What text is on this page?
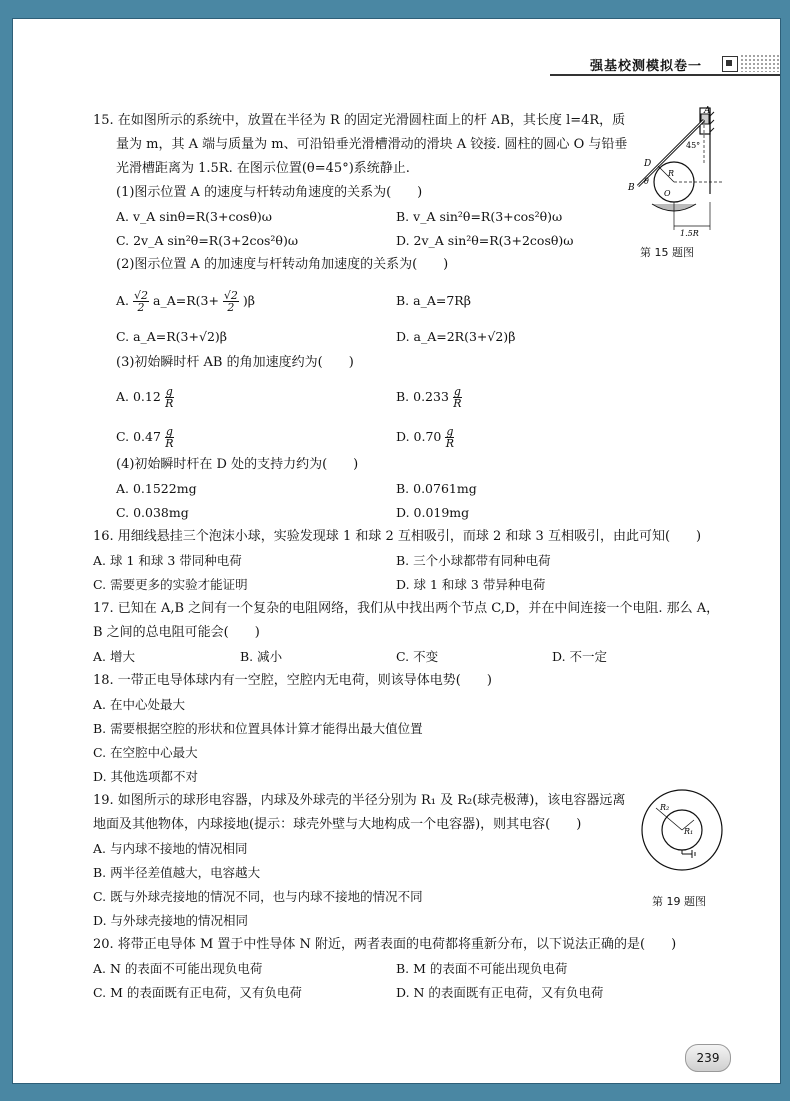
强基校测模拟卷一
15. 在如图所示的系统中，放置在半径为 R 的固定光滑圆柱面上的杆 AB，其长度 l=4R，质
量为 m，其 A 端与质量为 m、可沿铅垂光滑槽滑动的滑块 A 铰接. 圆柱的圆心 O 与铅垂
光滑槽距离为 1.5R. 在图示位置(θ=45°)系统静止.
(1)图示位置 A 的速度与杆转动角速度的关系为(　　)
A. v_A sinθ=R(3+cosθ)ω	B. v_A sin²θ=R(3+cos²θ)ω
C. 2v_A sin²θ=R(3+2cos²θ)ω	D. 2v_A sin²θ=R(3+2cosθ)ω
(2)图示位置 A 的加速度与杆转动角加速度的关系为(　　)
A. $\frac{√2}{2}$ a_A=R(3+ $\frac{√2}{2} )\beta$	B. a_A=7Rβ
C. a_A=R(3+√2)β	D. a_A=2R(3+√2)β
(3)初始瞬时杆 AB 的角加速度约为(　　)
A. $0.12 \frac{g}{R}$	B. $0.233 \frac{g}{R}$
C. $0.47 \frac{g}{R}$	D. $0.70 \frac{g}{R}$
(4)初始瞬时杆在 D 处的支持力约为(　　)
A. 0.1522mg	B. 0.0761mg
C. 0.038mg	D. 0.019mg
A
B
D
R
O
θ
45°
1.5R
第 15 题图
16. 用细线悬挂三个泡沫小球，实验发现球 1 和球 2 互相吸引，而球 2 和球 3 互相吸引，由此可知(　　)
A. 球 1 和球 3 带同种电荷	B. 三个小球都带有同种电荷
C. 需要更多的实验才能证明	D. 球 1 和球 3 带异种电荷
17. 已知在 A,B 之间有一个复杂的电阻网络，我们从中找出两个节点 C,D，并在中间连接一个电阻. 那么 A，
B 之间的总电阻可能会(　　)
A. 增大	B. 减小	C. 不变	D. 不一定
18. 一带正电导体球内有一空腔，空腔内无电荷，则该导体电势(　　)
A. 在中心处最大
B. 需要根据空腔的形状和位置具体计算才能得出最大值位置
C. 在空腔中心最大
D. 其他选项都不对
19. 如图所示的球形电容器，内球及外球壳的半径分别为 R₁ 及 R₂(球壳极薄)，该电容器远离
地面及其他物体，内球接地(提示：球壳外壁与大地构成一个电容器)，则其电容(　　)
A. 与内球不接地的情况相同
B. 两半径差值越大，电容越大
C. 既与外球壳接地的情况不同，也与内球不接地的情况不同
D. 与外球壳接地的情况相同
R₂
R₁
第 19 题图
20. 将带正电导体 M 置于中性导体 N 附近，两者表面的电荷都将重新分布，以下说法正确的是(　　)
A. N 的表面不可能出现负电荷	B. M 的表面不可能出现负电荷
C. M 的表面既有正电荷，又有负电荷	D. N 的表面既有正电荷，又有负电荷
239
